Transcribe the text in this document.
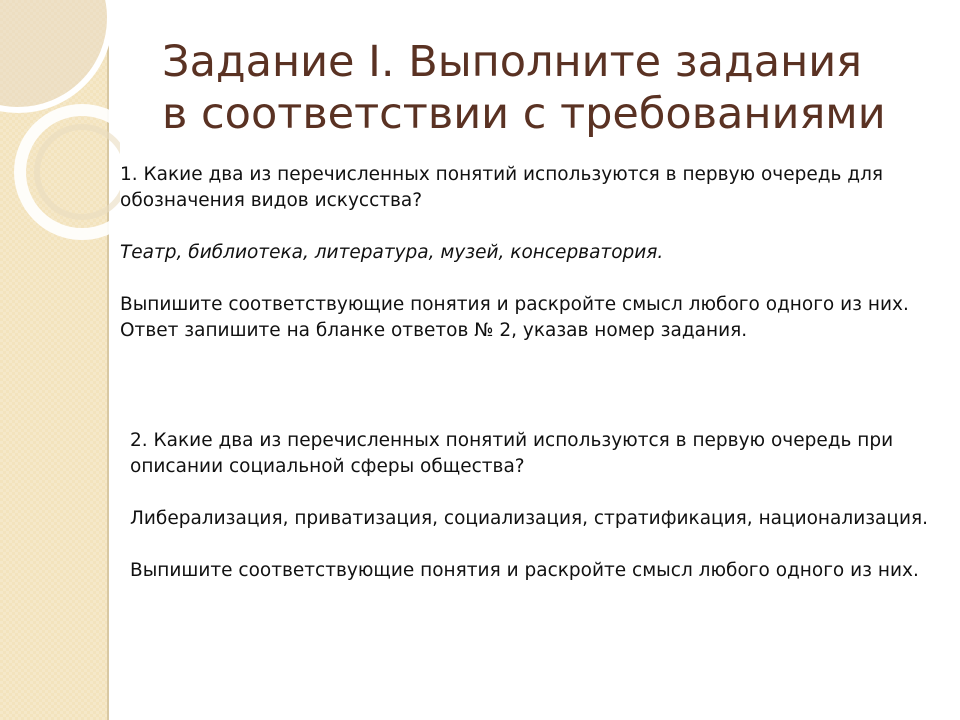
Задание I. Выполните задания
в соответствии с требованиями

1. Какие два из перечисленных понятий используются в первую очередь для обозначения видов искусства?

Театр, библиотека, литература, музей, консерватория.

Выпишите соответствующие понятия и раскройте смысл любого одного из них. Ответ запишите на бланке ответов № 2, указав номер задания.

2. Какие два из перечисленных понятий используются в первую очередь при описании социальной сферы общества?

Либерализация, приватизация, социализация, стратификация, национализация.

Выпишите соответствующие понятия и раскройте смысл любого одного из них.
